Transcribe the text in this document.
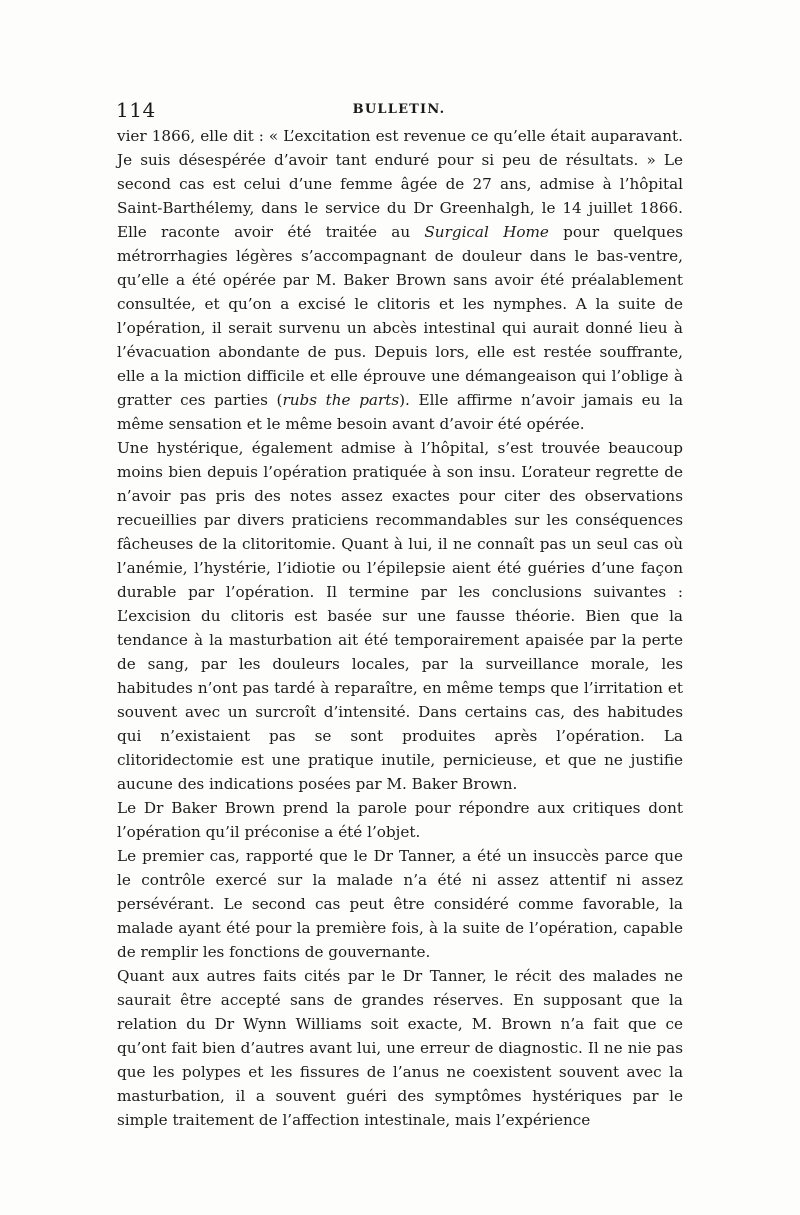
114	BULLETIN.

vier 1866, elle dit : « L’excitation est revenue ce qu’elle était auparavant. Je suis désespérée d’avoir tant enduré pour si peu de résultats. » Le second cas est celui d’une femme âgée de 27 ans, admise à l’hôpital Saint-Barthélemy, dans le service du Dr Greenhalgh, le 14 juillet 1866. Elle raconte avoir été traitée au Surgical Home pour quelques métrorrhagies légères s’accompagnant de douleur dans le bas-ventre, qu’elle a été opérée par M. Baker Brown sans avoir été préalablement consultée, et qu’on a excisé le clitoris et les nymphes. A la suite de l’opération, il serait survenu un abcès intestinal qui aurait donné lieu à l’évacuation abondante de pus. Depuis lors, elle est restée souffrante, elle a la miction difficile et elle éprouve une démangeaison qui l’oblige à gratter ces parties (rubs the parts). Elle affirme n’avoir jamais eu la même sensation et le même besoin avant d’avoir été opérée.

Une hystérique, également admise à l’hôpital, s’est trouvée beaucoup moins bien depuis l’opération pratiquée à son insu. L’orateur regrette de n’avoir pas pris des notes assez exactes pour citer des observations recueillies par divers praticiens recommandables sur les conséquences fâcheuses de la clitoritomie. Quant à lui, il ne connaît pas un seul cas où l’anémie, l’hystérie, l’idiotie ou l’épilepsie aient été guéries d’une façon durable par l’opération. Il termine par les conclusions suivantes : L’excision du clitoris est basée sur une fausse théorie. Bien que la tendance à la masturbation ait été temporairement apaisée par la perte de sang, par les douleurs locales, par la surveillance morale, les habitudes n’ont pas tardé à reparaître, en même temps que l’irritation et souvent avec un surcroît d’intensité. Dans certains cas, des habitudes qui n’existaient pas se sont produites après l’opération. La clitoridectomie est une pratique inutile, pernicieuse, et que ne justifie aucune des indications posées par M. Baker Brown.

Le Dr Baker Brown prend la parole pour répondre aux critiques dont l’opération qu’il préconise a été l’objet.

Le premier cas, rapporté que le Dr Tanner, a été un insuccès parce que le contrôle exercé sur la malade n’a été ni assez attentif ni assez persévérant. Le second cas peut être considéré comme favorable, la malade ayant été pour la première fois, à la suite de l’opération, capable de remplir les fonctions de gouvernante.

Quant aux autres faits cités par le Dr Tanner, le récit des malades ne saurait être accepté sans de grandes réserves. En supposant que la relation du Dr Wynn Williams soit exacte, M. Brown n’a fait que ce qu’ont fait bien d’autres avant lui, une erreur de diagnostic. Il ne nie pas que les polypes et les fissures de l’anus ne coexistent souvent avec la masturbation, il a souvent guéri des symptômes hystériques par le simple traitement de l’affection intestinale, mais l’expérience
